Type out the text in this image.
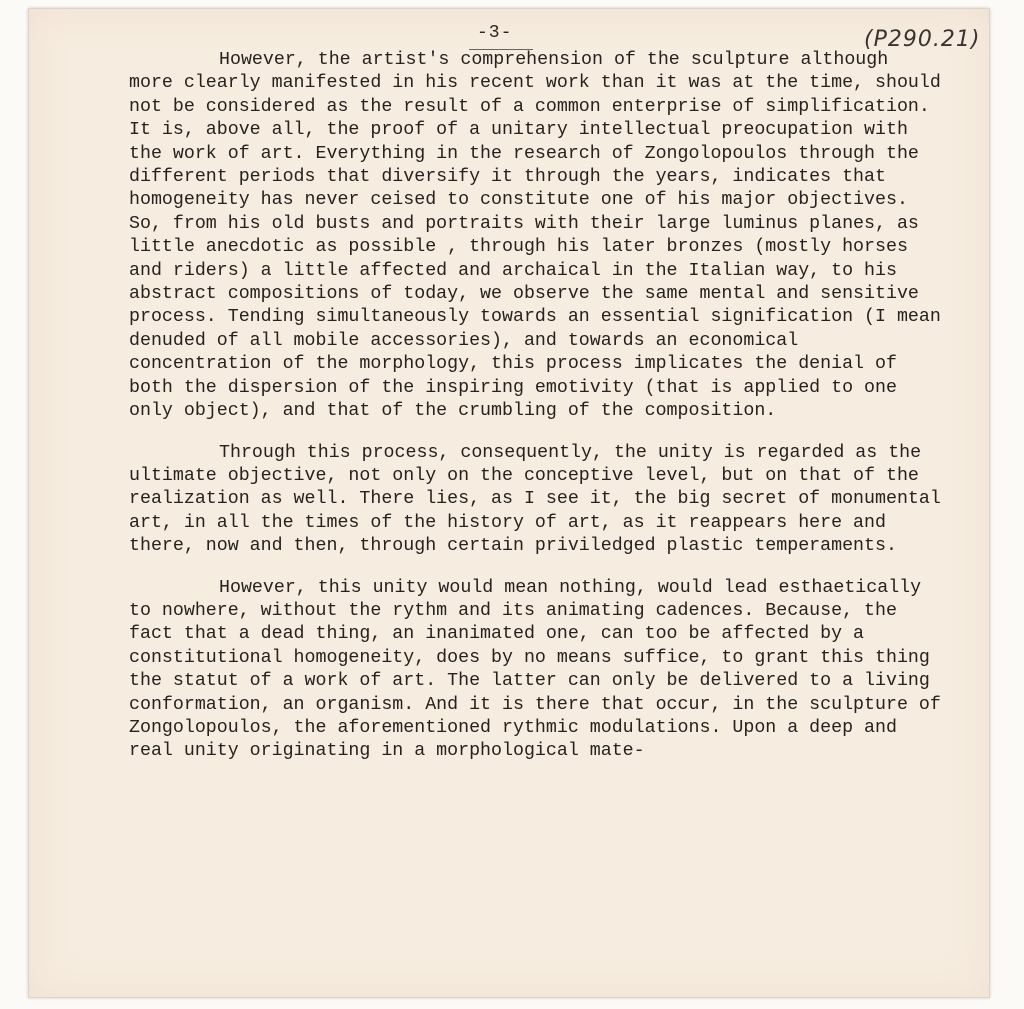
-3-	(P290.21)

However, the artist's comprehension of the sculpture although more clearly manifested in his recent work than it was at the time, should not be considered as the result of a common enterprise of simplification. It is, above all, the proof of a unitary intellectual preocupation with the work of art. Everything in the research of Zongolopoulos through the different periods that diversify it through the years, indicates that homogeneity has never ceised to constitute one of his major objectives. So, from his old busts and portraits with their large luminus planes, as little anecdotic as possible , through his later bronzes (mostly horses and riders) a little affected and archaical in the Italian way, to his abstract compositions of today, we observe the same mental and sensitive process. Tending simultaneously towards an essential signification (I mean denuded of all mobile accessories), and towards an economical concentration of the morphology, this process implicates the denial of both the dispersion of the inspiring emotivity (that is applied to one only object), and that of the crumbling of the composition.

Through this process, consequently, the unity is regarded as the ultimate objective, not only on the conceptive level, but on that of the realization as well. There lies, as I see it, the big secret of monumental art, in all the times of the history of art, as it reappears here and there, now and then, through certain priviledged plastic temperaments.

However, this unity would mean nothing, would lead esthaetically to nowhere, without the rythm and its animating cadences. Because, the fact that a dead thing, an inanimated one, can too be affected by a constitutional homogeneity, does by no means suffice, to grant this thing the statut of a work of art. The latter can only be delivered to a living conformation, an organism. And it is there that occur, in the sculpture of Zongolopoulos, the aforementioned rythmic modulations. Upon a deep and real unity originating in a morphological mate-
